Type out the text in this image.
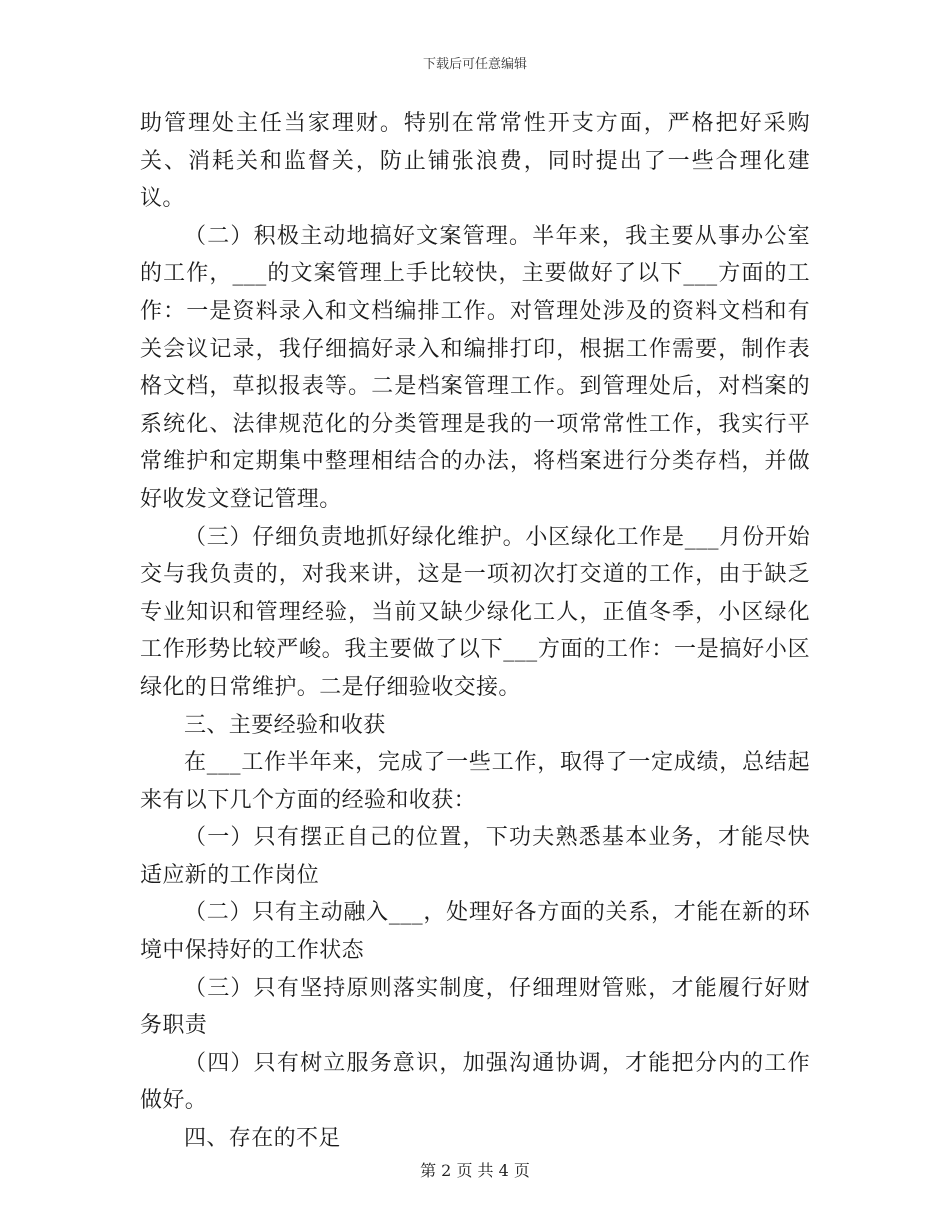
下载后可任意编辑

助管理处主任当家理财。特别在常常性开支方面，严格把好采购关、消耗关和监督关，防止铺张浪费，同时提出了一些合理化建议。

（二）积极主动地搞好文案管理。半年来，我主要从事办公室的工作，___的文案管理上手比较快，主要做好了以下___方面的工作：一是资料录入和文档编排工作。对管理处涉及的资料文档和有关会议记录，我仔细搞好录入和编排打印，根据工作需要，制作表格文档，草拟报表等。二是档案管理工作。到管理处后，对档案的系统化、法律规范化的分类管理是我的一项常常性工作，我实行平常维护和定期集中整理相结合的办法，将档案进行分类存档，并做好收发文登记管理。

（三）仔细负责地抓好绿化维护。小区绿化工作是___月份开始交与我负责的，对我来讲，这是一项初次打交道的工作，由于缺乏专业知识和管理经验，当前又缺少绿化工人，正值冬季，小区绿化工作形势比较严峻。我主要做了以下___方面的工作：一是搞好小区绿化的日常维护。二是仔细验收交接。

三、主要经验和收获

在___工作半年来，完成了一些工作，取得了一定成绩，总结起来有以下几个方面的经验和收获：

（一）只有摆正自己的位置，下功夫熟悉基本业务，才能尽快适应新的工作岗位

（二）只有主动融入___，处理好各方面的关系，才能在新的环境中保持好的工作状态

（三）只有坚持原则落实制度，仔细理财管账，才能履行好财务职责

（四）只有树立服务意识，加强沟通协调，才能把分内的工作做好。

四、存在的不足

第 2 页 共 4 页
